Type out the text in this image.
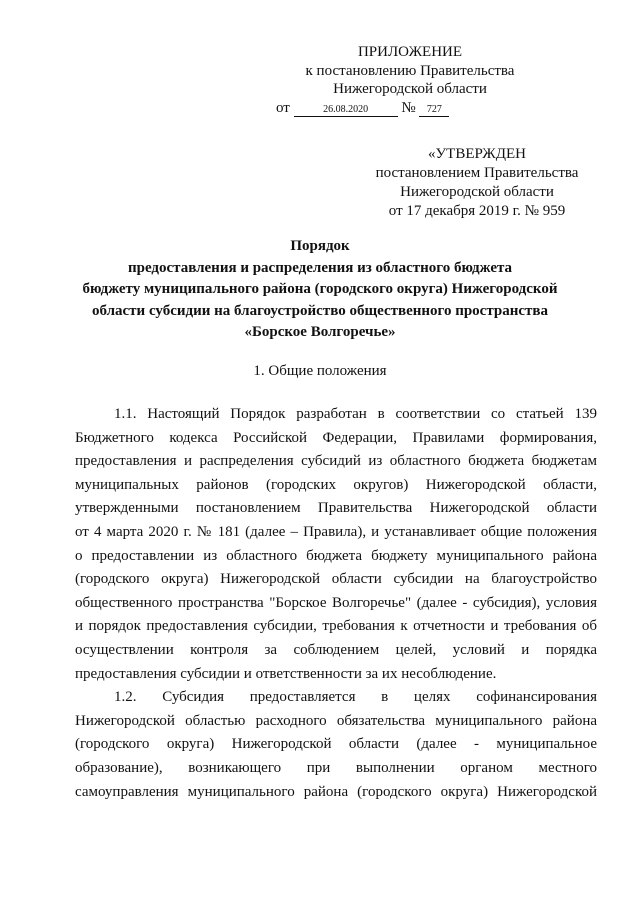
ПРИЛОЖЕНИЕ
к постановлению Правительства
Нижегородской области
от	26.08.2020 № 727
«УТВЕРЖДЕН
постановлением Правительства
Нижегородской области
от 17 декабря 2019 г. № 959
Порядок
предоставления и распределения из областного бюджета
бюджету муниципального района (городского округа) Нижегородской
области субсидии на благоустройство общественного пространства
«Борское Волгоречье»
1. Общие положения
1.1. Настоящий Порядок разработан в соответствии со статьей 139
Бюджетного кодекса Российской Федерации, Правилами формирования,
предоставления и распределения субсидий из областного бюджета бюджетам
муниципальных районов (городских округов) Нижегородской области,
утвержденными постановлением Правительства Нижегородской области
от 4 марта 2020 г. № 181 (далее – Правила), и устанавливает общие положения
о предоставлении из областного бюджета бюджету муниципального района
(городского округа) Нижегородской области субсидии на благоустройство
общественного пространства "Борское Волгоречье" (далее - субсидия), условия
и порядок предоставления субсидии, требования к отчетности и требования об
осуществлении контроля за соблюдением целей, условий и порядка
предоставления субсидии и ответственности за их несоблюдение.
1.2. Субсидия предоставляется в целях софинансирования
Нижегородской областью расходного обязательства муниципального района
(городского округа) Нижегородской области (далее - муниципальное
образование), возникающего при выполнении органом местного
самоуправления муниципального района (городского округа) Нижегородской
